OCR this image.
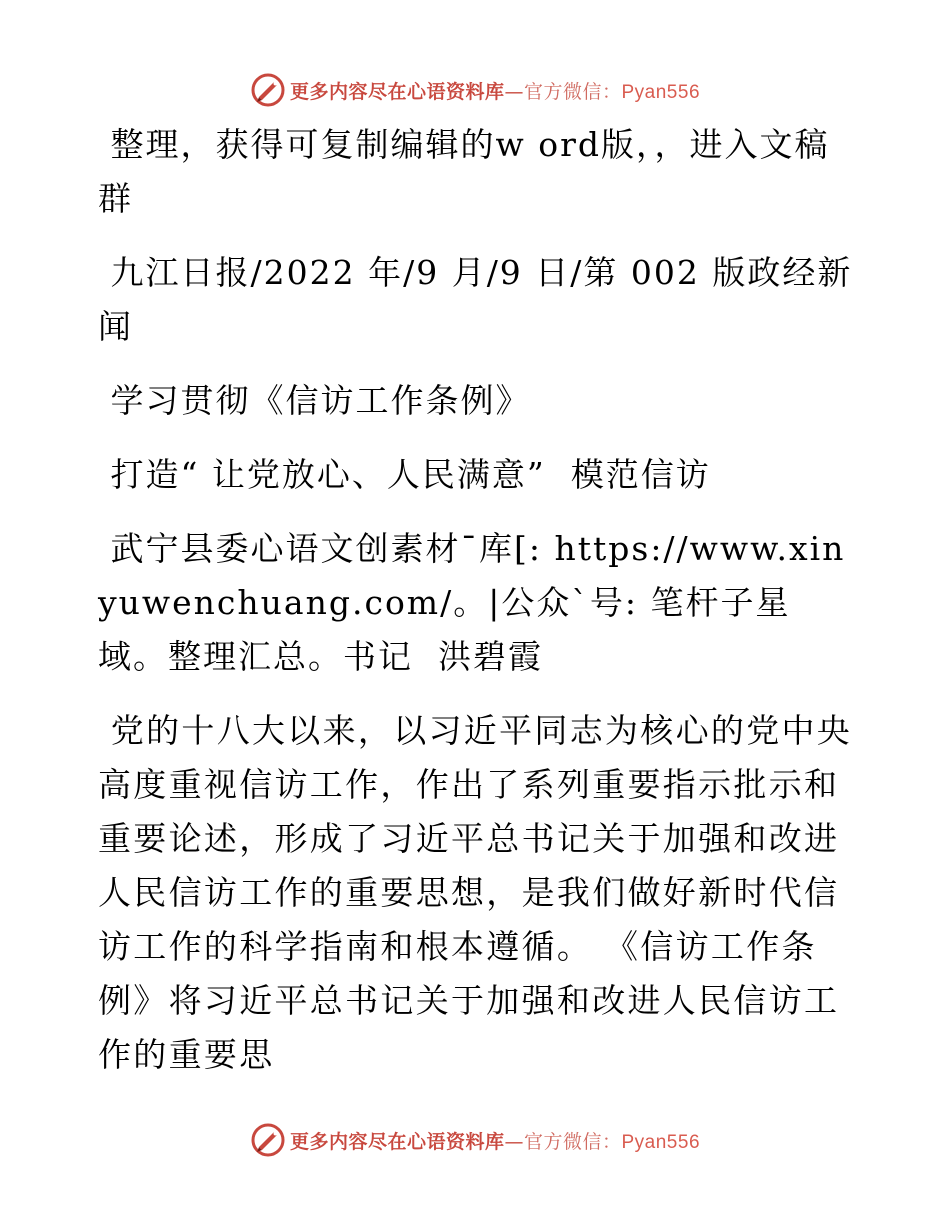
更多内容尽在心语资料库—官方微信：Pyan556

整理，获得可复制编辑的w ord版，，进入文稿群

九江日报/2022 年/9 月/9 日/第 002 版政经新闻

学习贯彻《信访工作条例》

打造“ 让党放心、人民满意”  模范信访

武宁县委心语文创素材¯库[: https://www.xinyuwenchuang.com/。|公众`号: 笔杆子星域。整理汇总。书记  洪碧霞

党的十八大以来，以习近平同志为核心的党中央高度重视信访工作，作出了系列重要指示批示和重要论述，形成了习近平总书记关于加强和改进人民信访工作的重要思想，是我们做好新时代信访工作的科学指南和根本遵循。 《信访工作条例》将习近平总书记关于加强和改进人民信访工作的重要思

更多内容尽在心语资料库—官方微信：Pyan556
